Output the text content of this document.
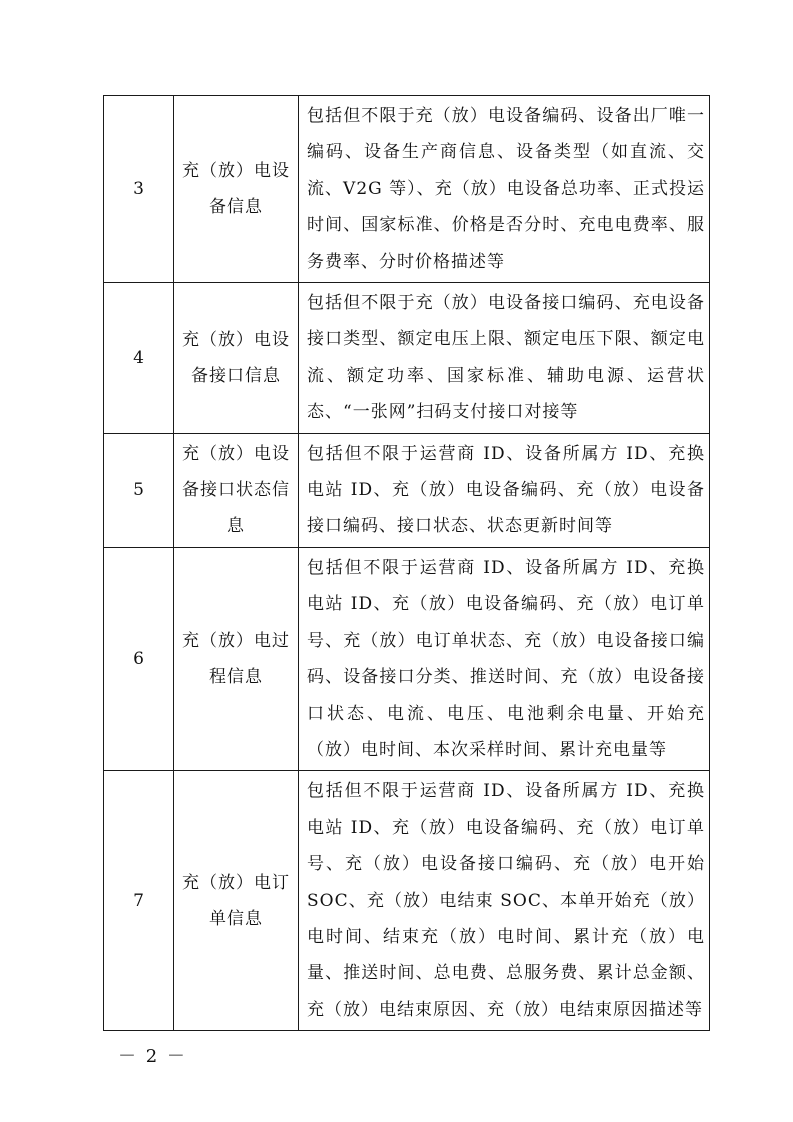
3	充（放）电设备信息	包括但不限于充（放）电设备编码、设备出厂唯一编码、设备生产商信息、设备类型（如直流、交流、V2G 等）、充（放）电设备总功率、正式投运时间、国家标准、价格是否分时、充电电费率、服务费率、分时价格描述等
4	充（放）电设备接口信息	包括但不限于充（放）电设备接口编码、充电设备接口类型、额定电压上限、额定电压下限、额定电流、额定功率、国家标准、辅助电源、运营状态、“一张网”扫码支付接口对接等
5	充（放）电设备接口状态信息	包括但不限于运营商 ID、设备所属方 ID、充换电站 ID、充（放）电设备编码、充（放）电设备接口编码、接口状态、状态更新时间等
6	充（放）电过程信息	包括但不限于运营商 ID、设备所属方 ID、充换电站 ID、充（放）电设备编码、充（放）电订单号、充（放）电订单状态、充（放）电设备接口编码、设备接口分类、推送时间、充（放）电设备接口状态、电流、电压、电池剩余电量、开始充（放）电时间、本次采样时间、累计充电量等
7	充（放）电订单信息	包括但不限于运营商 ID、设备所属方 ID、充换电站 ID、充（放）电设备编码、充（放）电订单号、充（放）电设备接口编码、充（放）电开始 SOC、充（放）电结束 SOC、本单开始充（放）电时间、结束充（放）电时间、累计充（放）电量、推送时间、总电费、总服务费、累计总金额、充（放）电结束原因、充（放）电结束原因描述等
－ 2 －
